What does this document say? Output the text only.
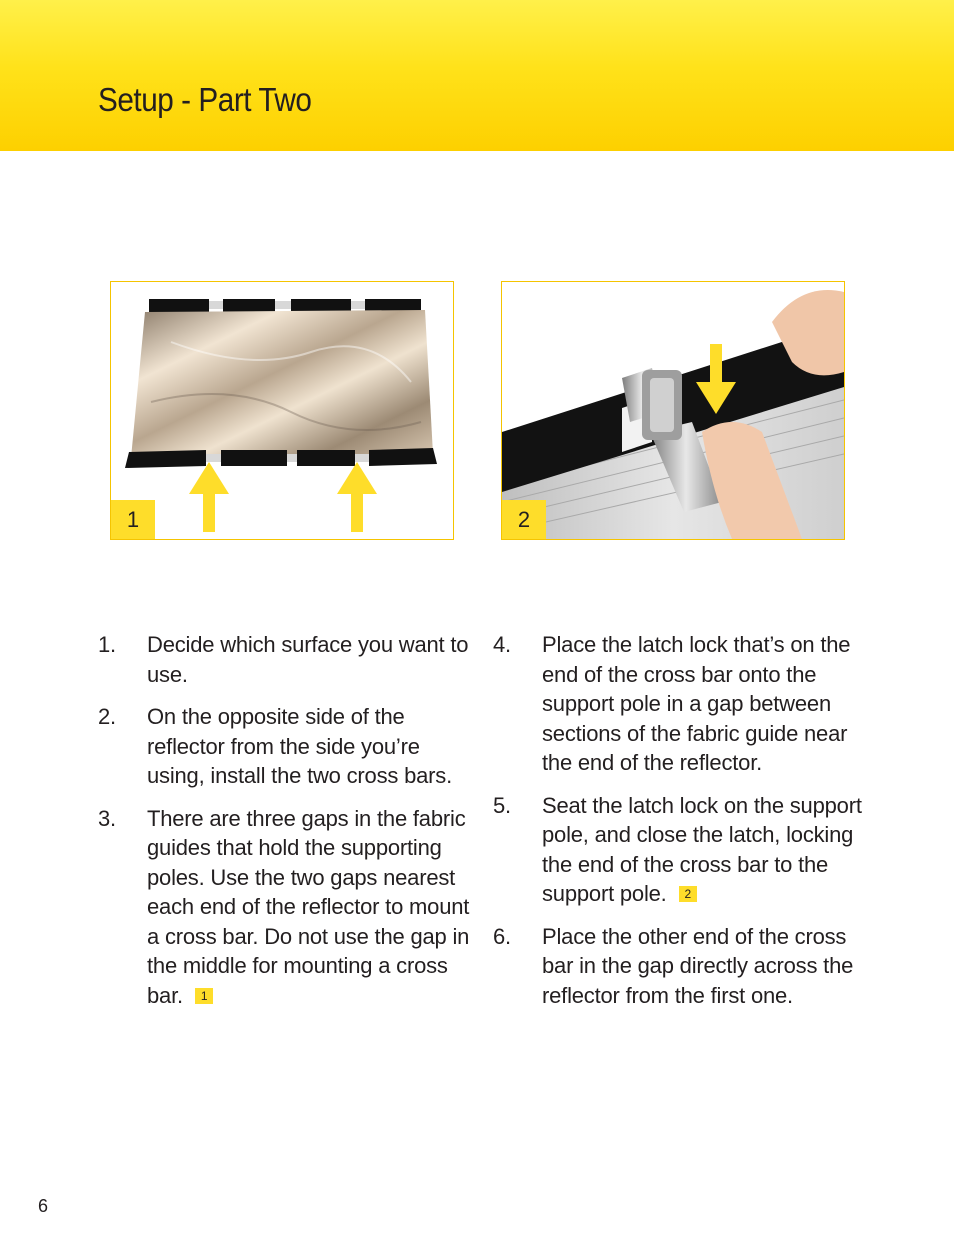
Setup - Part Two
1	2
1. Decide which surface you want to use.
2. On the opposite side of the reflector from the side you’re using, install the two cross bars.
3. There are three gaps in the fabric guides that hold the supporting poles. Use the two gaps nearest each end of the reflector to mount a cross bar. Do not use the gap in the middle for mounting a cross bar. 1
4. Place the latch lock that’s on the end of the cross bar onto the support pole in a gap between sections of the fabric guide near the end of the reflector.
5. Seat the latch lock on the support pole, and close the latch, locking the end of the cross bar to the support pole. 2
6. Place the other end of the cross bar in the gap directly across the reflector from the first one.
6
